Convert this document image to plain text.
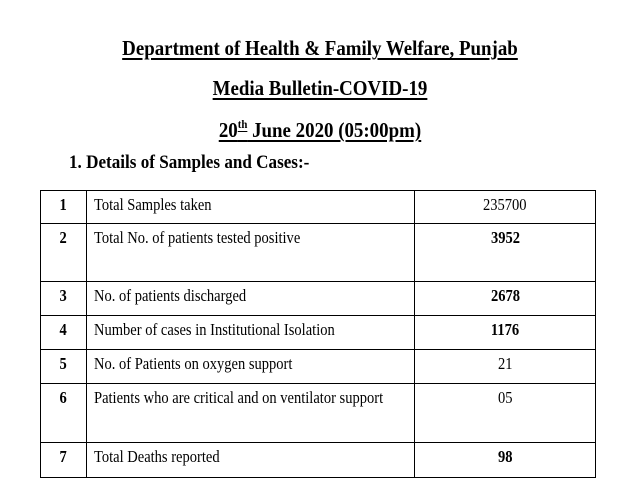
Department of Health & Family Welfare, Punjab
Media Bulletin-COVID-19
20th June 2020 (05:00pm)
1. Details of Samples and Cases:-
1	Total Samples taken	235700
2	Total No. of patients tested positive	3952
3	No. of patients discharged	2678
4	Number of cases in Institutional Isolation	1176
5	No. of Patients on oxygen support	21
6	Patients who are critical and on ventilator support	05
7	Total Deaths reported	98
